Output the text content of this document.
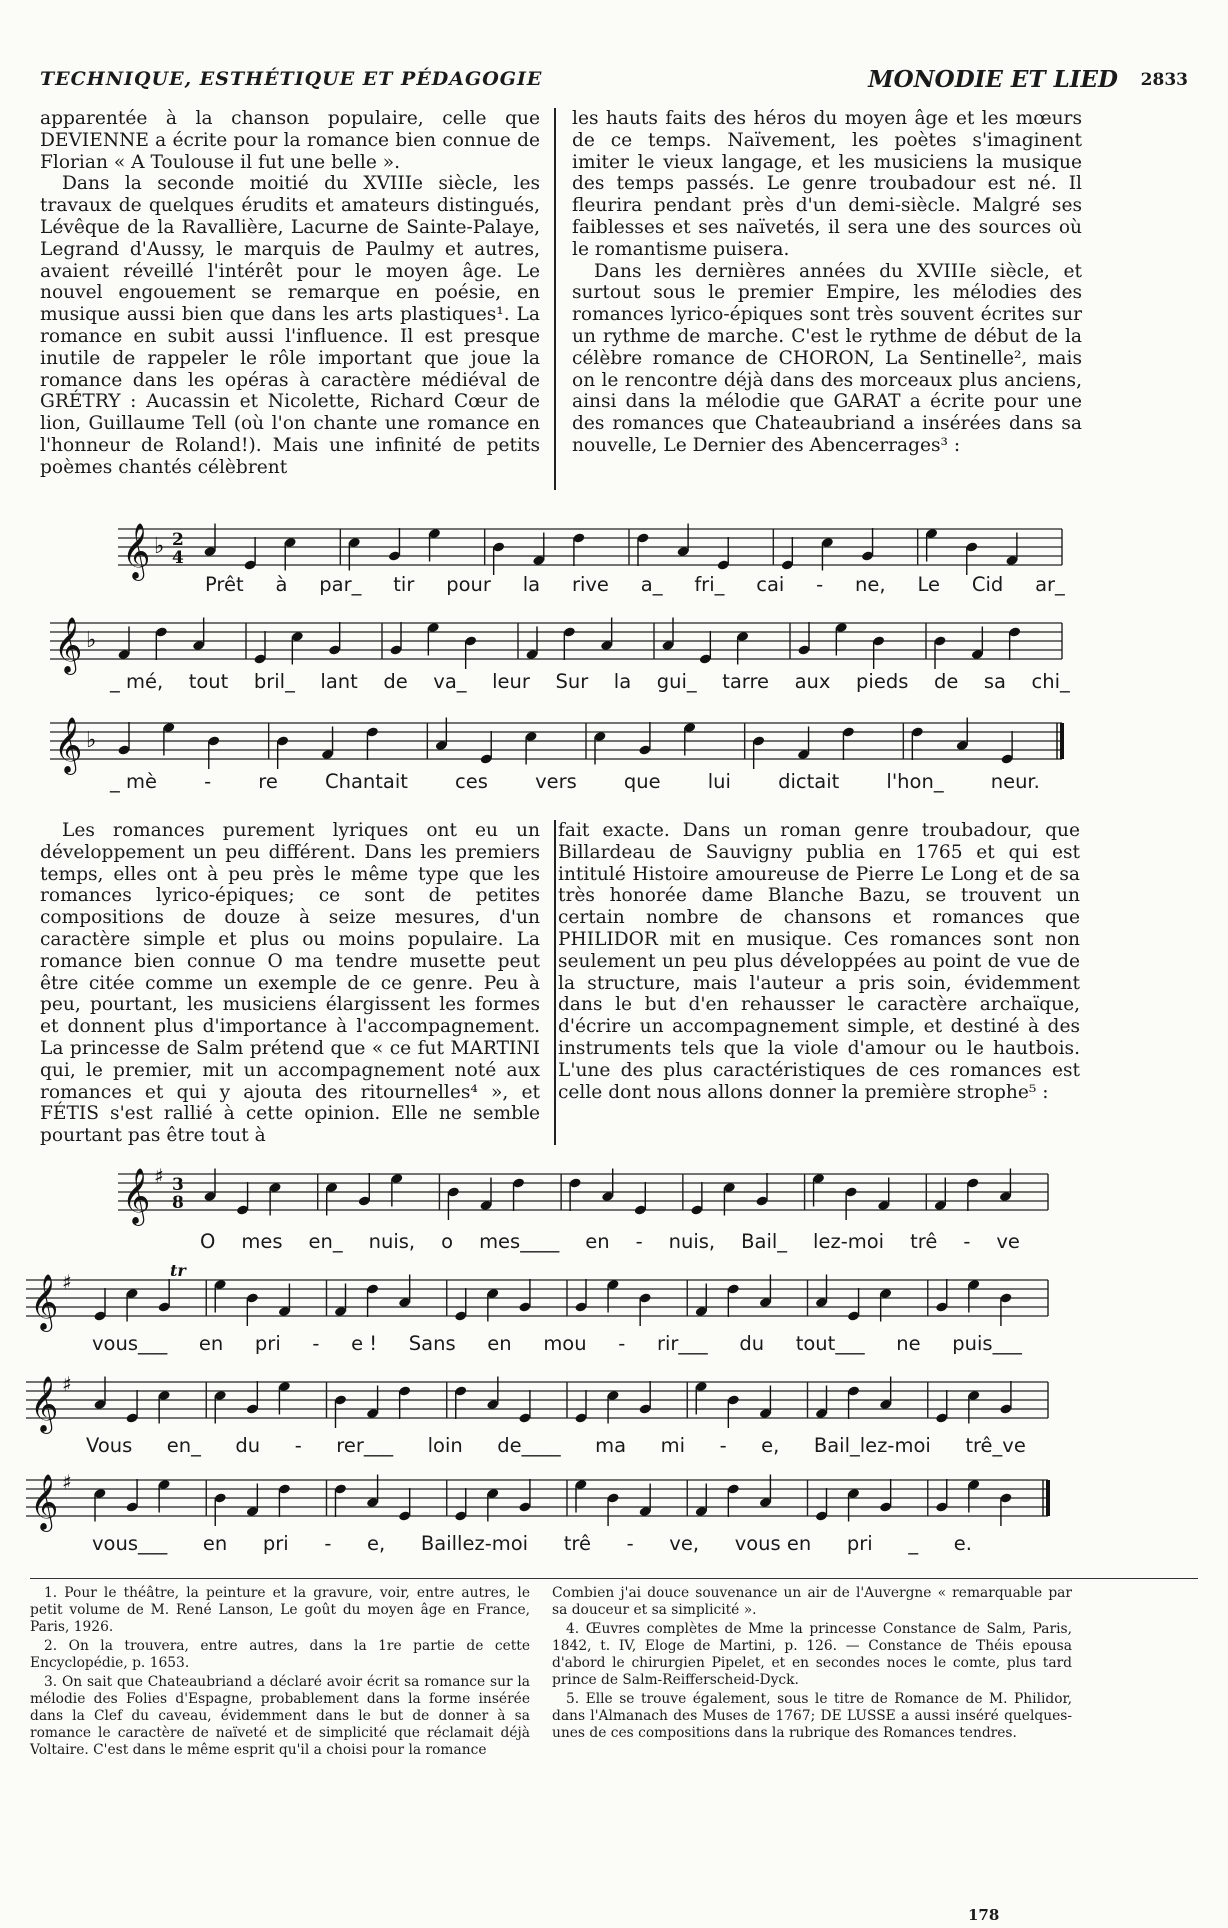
TECHNIQUE, ESTHÉTIQUE ET PÉDAGOGIE	MONODIE ET LIED 2833

apparentée à la chanson populaire, celle que DEVIENNE a écrite pour la romance bien connue de Florian « A Toulouse il fut une belle ».

Dans la seconde moitié du XVIIIe siècle, les travaux de quelques érudits et amateurs distingués, Lévêque de la Ravallière, Lacurne de Sainte-Palaye, Legrand d'Aussy, le marquis de Paulmy et autres, avaient réveillé l'intérêt pour le moyen âge. Le nouvel engouement se remarque en poésie, en musique aussi bien que dans les arts plastiques¹. La romance en subit aussi l'influence. Il est presque inutile de rappeler le rôle important que joue la romance dans les opéras à caractère médiéval de GRÉTRY : Aucassin et Nicolette, Richard Cœur de lion, Guillaume Tell (où l'on chante une romance en l'honneur de Roland!). Mais une infinité de petits poèmes chantés célèbrent

les hauts faits des héros du moyen âge et les mœurs de ce temps. Naïvement, les poètes s'imaginent imiter le vieux langage, et les musiciens la musique des temps passés. Le genre troubadour est né. Il fleurira pendant près d'un demi-siècle. Malgré ses faiblesses et ses naïvetés, il sera une des sources où le romantisme puisera.

Dans les dernières années du XVIIIe siècle, et surtout sous le premier Empire, les mélodies des romances lyrico-épiques sont très souvent écrites sur un rythme de marche. C'est le rythme de début de la célèbre romance de CHORON, La Sentinelle², mais on le rencontre déjà dans des morceaux plus anciens, ainsi dans la mélodie que GARAT a écrite pour une des romances que Chateaubriand a insérées dans sa nouvelle, Le Dernier des Abencerrages³ :

𝄞 ♭ 2
4
𝄞 ♭
𝄞 ♭
Prêt à par_ tir pour la rive a_ fri_ cai - ne, Le Cid ar_
_ mé, tout bril_ lant de va_ leur Sur la gui_ tarre aux pieds de sa chi_
_ mè - re Chantait ces vers que lui dictait l'hon_ neur.

Les romances purement lyriques ont eu un développement un peu différent. Dans les premiers temps, elles ont à peu près le même type que les romances lyrico-épiques; ce sont de petites compositions de douze à seize mesures, d'un caractère simple et plus ou moins populaire. La romance bien connue O ma tendre musette peut être citée comme un exemple de ce genre. Peu à peu, pourtant, les musiciens élargissent les formes et donnent plus d'importance à l'accompagnement. La princesse de Salm prétend que « ce fut MARTINI qui, le premier, mit un accompagnement noté aux romances et qui y ajouta des ritournelles⁴ », et FÉTIS s'est rallié à cette opinion. Elle ne semble pourtant pas être tout à

fait exacte. Dans un roman genre troubadour, que Billardeau de Sauvigny publia en 1765 et qui est intitulé Histoire amoureuse de Pierre Le Long et de sa très honorée dame Blanche Bazu, se trouvent un certain nombre de chansons et romances que PHILIDOR mit en musique. Ces romances sont non seulement un peu plus développées au point de vue de la structure, mais l'auteur a pris soin, évidemment dans le but d'en rehausser le caractère archaïque, d'écrire un accompagnement simple, et destiné à des instruments tels que la viole d'amour ou le hautbois. L'une des plus caractéristiques de ces romances est celle dont nous allons donner la première strophe⁵ :

𝄞 ♯ 3
8
𝄞 ♯
𝄞 ♯
𝄞 ♯
tr
O mes en_ nuis, o mes____ en - nuis, Bail_ lez-moi trê - ve
vous___ en pri - e ! Sans en mou - rir___ du tout___ ne puis___
Vous en_ du - rer___ loin de____ ma mi - e, Bail_lez-moi trê_ve
vous___ en pri - e, Baillez-moi trê - ve, vous en pri _ e.

1. Pour le théâtre, la peinture et la gravure, voir, entre autres, le petit volume de M. René Lanson, Le goût du moyen âge en France, Paris, 1926.

2. On la trouvera, entre autres, dans la 1re partie de cette Encyclopédie, p. 1653.

3. On sait que Chateaubriand a déclaré avoir écrit sa romance sur la mélodie des Folies d'Espagne, probablement dans la forme insérée dans la Clef du caveau, évidemment dans le but de donner à sa romance le caractère de naïveté et de simplicité que réclamait déjà Voltaire. C'est dans le même esprit qu'il a choisi pour la romance

Combien j'ai douce souvenance un air de l'Auvergne « remarquable par sa douceur et sa simplicité ».

4. Œuvres complètes de Mme la princesse Constance de Salm, Paris, 1842, t. IV, Eloge de Martini, p. 126. — Constance de Théis epousa d'abord le chirurgien Pipelet, et en secondes noces le comte, plus tard prince de Salm-Reifferscheid-Dyck.

5. Elle se trouve également, sous le titre de Romance de M. Philidor, dans l'Almanach des Muses de 1767; DE LUSSE a aussi inséré quelques-unes de ces compositions dans la rubrique des Romances tendres.

178
